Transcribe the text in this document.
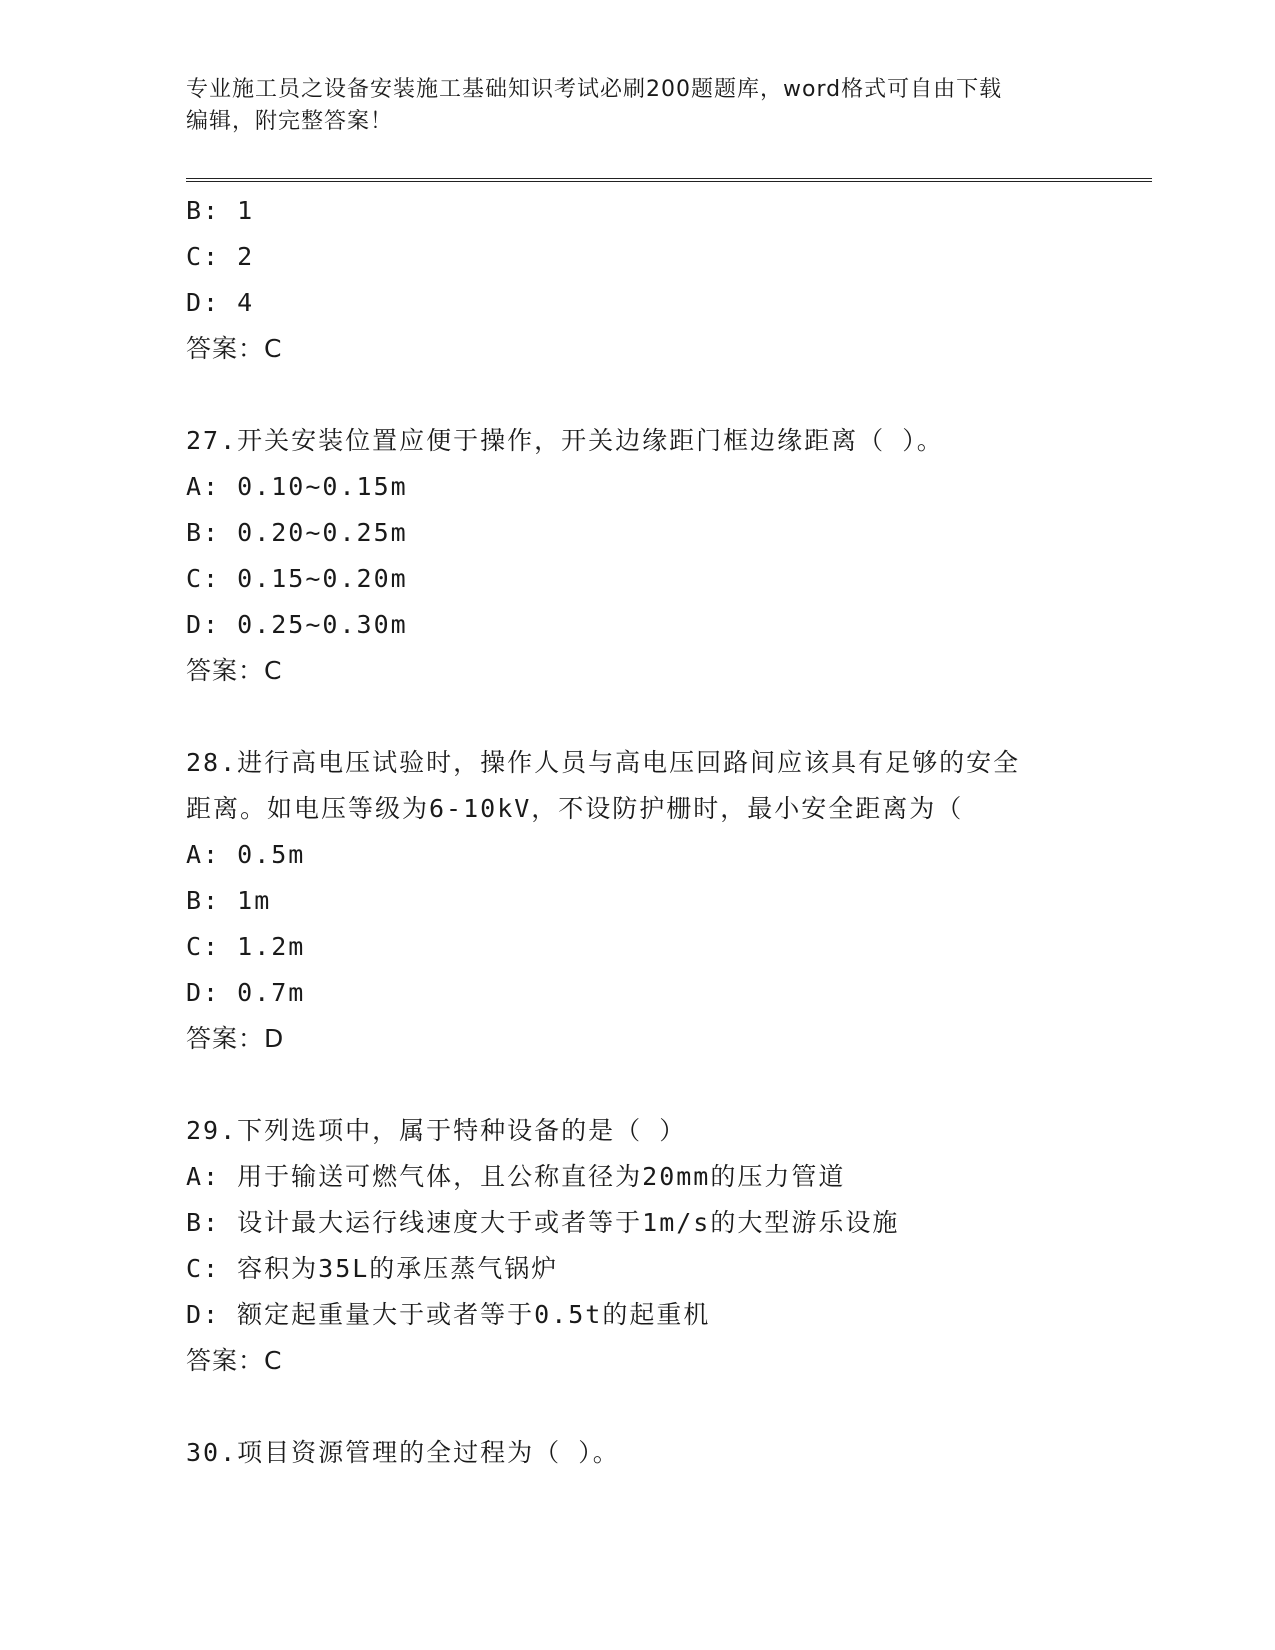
专业施工员之设备安装施工基础知识考试必刷200题题库，word格式可自由下载
编辑，附完整答案！
B: 1
C: 2
D: 4
答案：C
27.开关安装位置应便于操作，开关边缘距门框边缘距离（ ）。
A: 0.10~0.15m
B: 0.20~0.25m
C: 0.15~0.20m
D: 0.25~0.30m
答案：C
28.进行高电压试验时，操作人员与高电压回路间应该具有足够的安全
距离。如电压等级为6-10kV，不设防护栅时，最小安全距离为（
A: 0.5m
B: 1m
C: 1.2m
D: 0.7m
答案：D
29.下列选项中，属于特种设备的是（ ）
A: 用于输送可燃气体，且公称直径为20mm的压力管道
B: 设计最大运行线速度大于或者等于1m/s的大型游乐设施
C: 容积为35L的承压蒸气锅炉
D: 额定起重量大于或者等于0.5t的起重机
答案：C
30.项目资源管理的全过程为（ ）。
